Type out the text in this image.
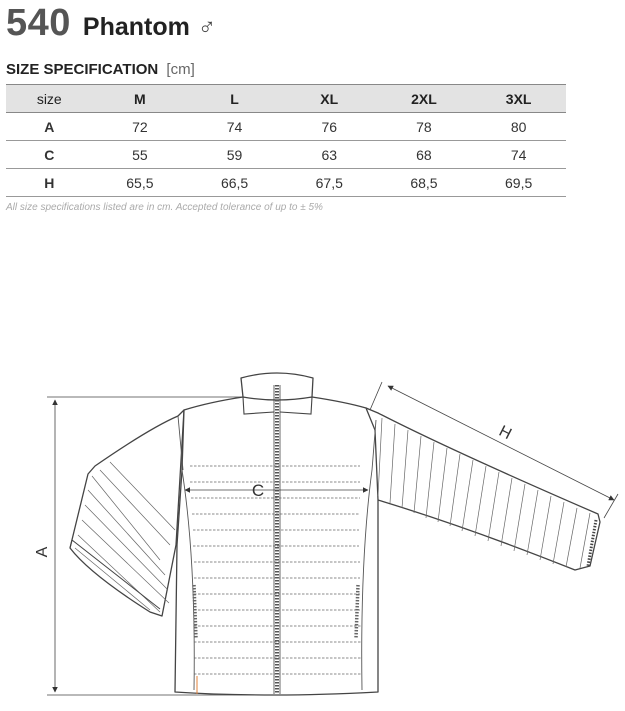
540 Phantom ♂
SIZE SPECIFICATION [cm]
size	M	L	XL	2XL	3XL
A	72	74	76	78	80
C	55	59	63	68	74
H	65,5	66,5	67,5	68,5	69,5
All size specifications listed are in cm. Accepted tolerance of up to ± 5%
A
C
H
